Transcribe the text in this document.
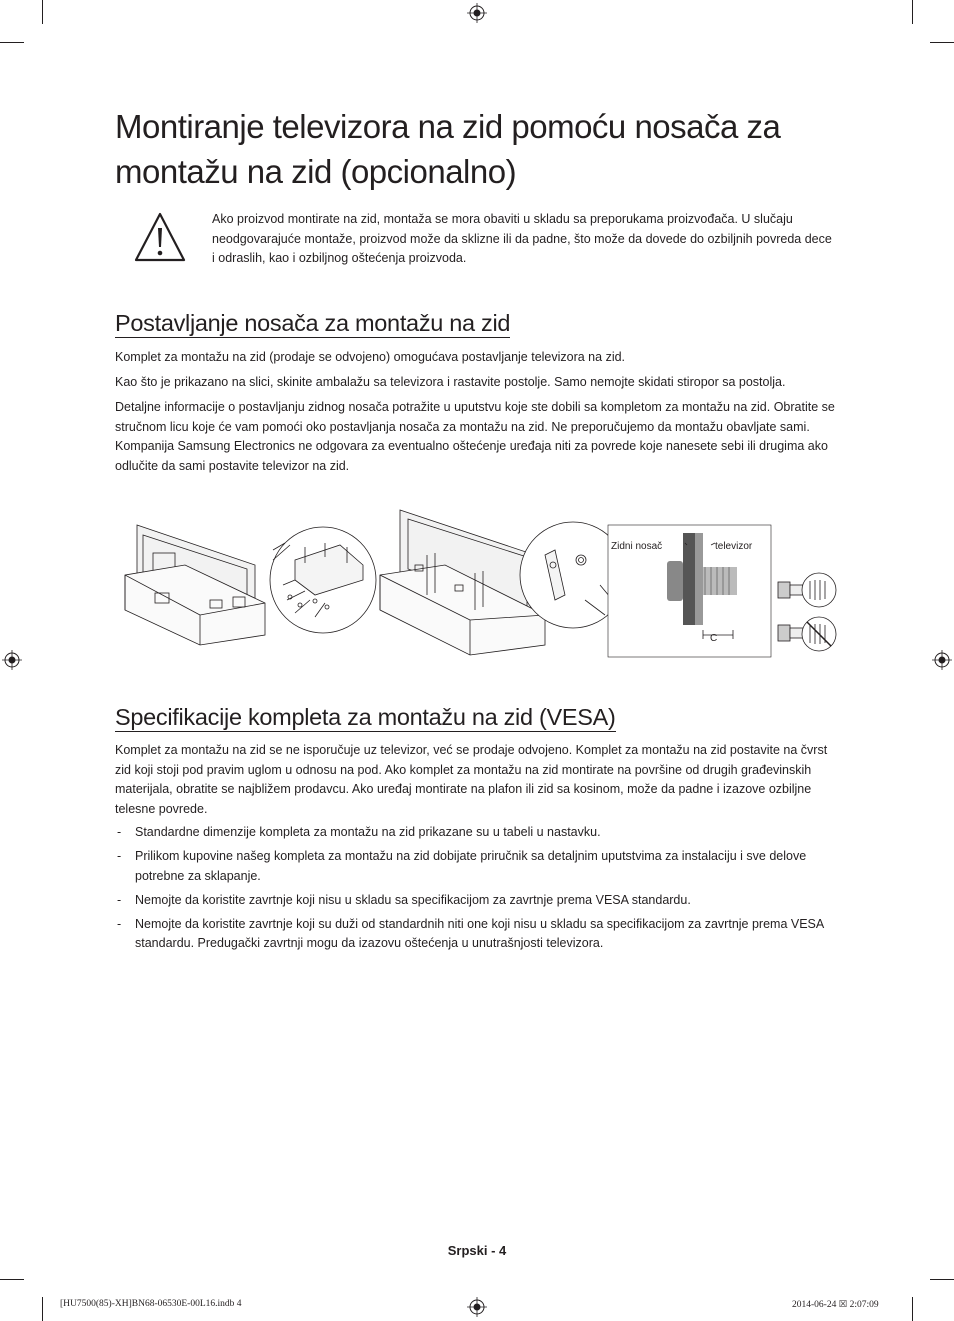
Montiranje televizora na zid pomoću nosača za montažu na zid (opcionalno)
Ako proizvod montirate na zid, montaža se mora obaviti u skladu sa preporukama proizvođača. U slučaju neodgovarajuće montaže, proizvod može da sklizne ili da padne, što može da dovede do ozbiljnih povreda dece i odraslih, kao i ozbiljnog oštećenja proizvoda.
Postavljanje nosača za montažu na zid

Komplet za montažu na zid (prodaje se odvojeno) omogućava postavljanje televizora na zid.

Kao što je prikazano na slici, skinite ambalažu sa televizora i rastavite postolje. Samo nemojte skidati stiropor sa postolja.

Detaljne informacije o postavljanju zidnog nosača potražite u uputstvu koje ste dobili sa kompletom za montažu na zid. Obratite se stručnom licu koje će vam pomoći oko postavljanja nosača za montažu na zid. Ne preporučujemo da montažu obavljate sami. Kompanija Samsung Electronics ne odgovara za eventualno oštećenje uređaja niti za povrede koje nanesete sebi ili drugima ako odlučite da sami postavite televizor na zid.

Zidni nosač	televizor
C
Specifikacije kompleta za montažu na zid (VESA)

Komplet za montažu na zid se ne isporučuje uz televizor, već se prodaje odvojeno. Komplet za montažu na zid postavite na čvrst zid koji stoji pod pravim uglom u odnosu na pod. Ako komplet za montažu na zid montirate na površine od drugih građevinskih materijala, obratite se najbližem prodavcu. Ako uređaj montirate na plafon ili zid sa kosinom, može da padne i izazove ozbiljne telesne povrede.

- Standardne dimenzije kompleta za montažu na zid prikazane su u tabeli u nastavku.
- Prilikom kupovine našeg kompleta za montažu na zid dobijate priručnik sa detaljnim uputstvima za instalaciju i sve delove potrebne za sklapanje.
- Nemojte da koristite zavrtnje koji nisu u skladu sa specifikacijom za zavrtnje prema VESA standardu.
- Nemojte da koristite zavrtnje koji su duži od standardnih niti one koji nisu u skladu sa specifikacijom za zavrtnje prema VESA standardu. Predugački zavrtnji mogu da izazovu oštećenja u unutrašnjosti televizora.
Srpski - 4
[HU7500(85)-XH]BN68-06530E-00L16.indb 4	2014-06-24 ☒ 2:07:09
